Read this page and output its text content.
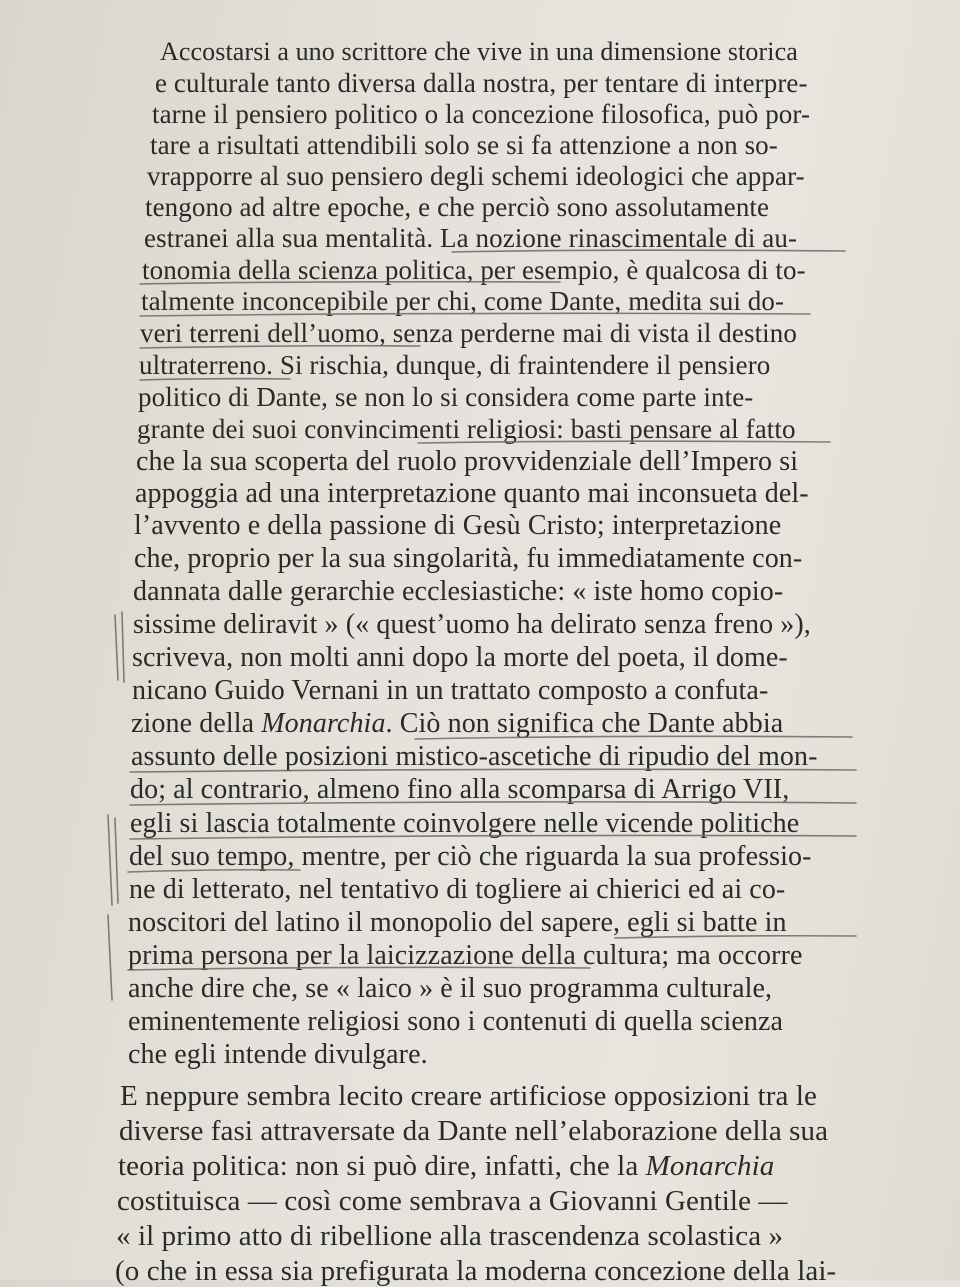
Accostarsi a uno scrittore che vive in una dimensione storica
e culturale tanto diversa dalla nostra, per tentare di interpre-
tarne il pensiero politico o la concezione filosofica, può por-
tare a risultati attendibili solo se si fa attenzione a non so-
vrapporre al suo pensiero degli schemi ideologici che appar-
tengono ad altre epoche, e che perciò sono assolutamente
estranei alla sua mentalità. La nozione rinascimentale di au-
tonomia della scienza politica, per esempio, è qualcosa di to-
talmente inconcepibile per chi, come Dante, medita sui do-
veri terreni dell’uomo, senza perderne mai di vista il destino
ultraterreno. Si rischia, dunque, di fraintendere il pensiero
politico di Dante, se non lo si considera come parte inte-
grante dei suoi convincimenti religiosi: basti pensare al fatto
che la sua scoperta del ruolo provvidenziale dell’Impero si
appoggia ad una interpretazione quanto mai inconsueta del-
l’avvento e della passione di Gesù Cristo; interpretazione
che, proprio per la sua singolarità, fu immediatamente con-
dannata dalle gerarchie ecclesiastiche: « iste homo copio-
sissime deliravit » (« quest’uomo ha delirato senza freno »),
scriveva, non molti anni dopo la morte del poeta, il dome-
nicano Guido Vernani in un trattato composto a confuta-
zione della Monarchia. Ciò non significa che Dante abbia
assunto delle posizioni mistico-ascetiche di ripudio del mon-
do; al contrario, almeno fino alla scomparsa di Arrigo VII,
egli si lascia totalmente coinvolgere nelle vicende politiche
del suo tempo, mentre, per ciò che riguarda la sua professio-
ne di letterato, nel tentativo di togliere ai chierici ed ai co-
noscitori del latino il monopolio del sapere, egli si batte in
prima persona per la laicizzazione della cultura; ma occorre
anche dire che, se « laico » è il suo programma culturale,
eminentemente religiosi sono i contenuti di quella scienza
che egli intende divulgare.
E neppure sembra lecito creare artificiose opposizioni tra le
diverse fasi attraversate da Dante nell’elaborazione della sua
teoria politica: non si può dire, infatti, che la Monarchia
costituisca — così come sembrava a Giovanni Gentile —
« il primo atto di ribellione alla trascendenza scolastica »
(o che in essa sia prefigurata la moderna concezione della lai-
